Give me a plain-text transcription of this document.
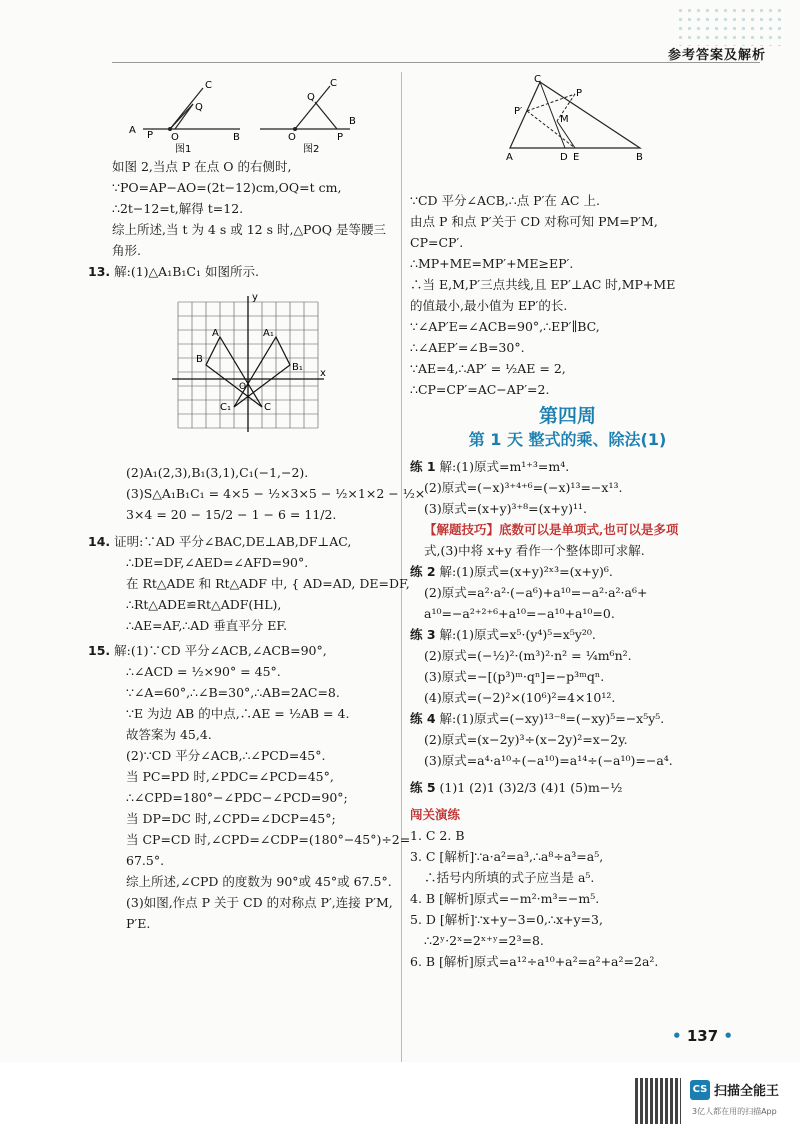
参考答案及解析
A P O	B
C
Q
图1
O	P
B
C
Q
图2
C
P
P′
M
A	D E	B
如图 2,当点 P 在点 O 的右侧时,
∵PO=AP−AO=(2t−12)cm,OQ=t cm,
∴2t−12=t,解得 t=12.
综上所述,当 t 为 4 s 或 12 s 时,△POQ 是等腰三
角形.
13. 解:(1)△A₁B₁C₁ 如图所示.
A
B
C
A₁
B₁
C₁
x
y
O
(2)A₁(2,3),B₁(3,1),C₁(−1,−2).
(3)S△A₁B₁C₁ = 4×5 − ½×3×5 − ½×1×2 − ½×
3×4 = 20 − 15/2 − 1 − 6 = 11/2.
14. 证明:∵AD 平分∠BAC,DE⊥AB,DF⊥AC,
∴DE=DF,∠AED=∠AFD=90°.
在 Rt△ADE 和 Rt△ADF 中, { AD=AD, DE=DF,
∴Rt△ADE≌Rt△ADF(HL),
∴AE=AF,∴AD 垂直平分 EF.
15. 解:(1)∵CD 平分∠ACB,∠ACB=90°,
∴∠ACD = ½×90° = 45°.
∵∠A=60°,∴∠B=30°,∴AB=2AC=8.
∵E 为边 AB 的中点,∴AE = ½AB = 4.
故答案为 45,4.
(2)∵CD 平分∠ACB,∴∠PCD=45°.
当 PC=PD 时,∠PDC=∠PCD=45°,
∴∠CPD=180°−∠PDC−∠PCD=90°;
当 DP=DC 时,∠CPD=∠DCP=45°;
当 CP=CD 时,∠CPD=∠CDP=(180°−45°)÷2=
67.5°.
综上所述,∠CPD 的度数为 90°或 45°或 67.5°.
(3)如图,作点 P 关于 CD 的对称点 P′,连接 P′M,
P′E.
∵CD 平分∠ACB,∴点 P′在 AC 上.
由点 P 和点 P′关于 CD 对称可知 PM=P′M,
CP=CP′.
∴MP+ME=MP′+ME≥EP′.
∴当 E,M,P′三点共线,且 EP′⊥AC 时,MP+ME
的值最小,最小值为 EP′的长.
∵∠AP′E=∠ACB=90°,∴EP′∥BC,
∴∠AEP′=∠B=30°.
∵AE=4,∴AP′ = ½AE = 2,
∴CP=CP′=AC−AP′=2.
第四周
第 1 天 整式的乘、除法(1)
练 1 解:(1)原式=m¹⁺³=m⁴.
(2)原式=(−x)³⁺⁴⁺⁶=(−x)¹³=−x¹³.
(3)原式=(x+y)³⁺⁸=(x+y)¹¹.
【解题技巧】底数可以是单项式,也可以是多项
式,(3)中将 x+y 看作一个整体即可求解.
练 2 解:(1)原式=(x+y)²ˣ³=(x+y)⁶.
(2)原式=a²·a²·(−a⁶)+a¹⁰=−a²·a²·a⁶+
a¹⁰=−a²⁺²⁺⁶+a¹⁰=−a¹⁰+a¹⁰=0.
练 3 解:(1)原式=x⁵·(y⁴)⁵=x⁵y²⁰.
(2)原式=(−½)²·(m³)²·n² = ¼m⁶n².
(3)原式=−[(p³)ᵐ·qⁿ]=−p³ᵐqⁿ.
(4)原式=(−2)²×(10⁶)²=4×10¹².
练 4 解:(1)原式=(−xy)¹³⁻⁸=(−xy)⁵=−x⁵y⁵.
(2)原式=(x−2y)³÷(x−2y)²=x−2y.
(3)原式=a⁴·a¹⁰÷(−a¹⁰)=a¹⁴÷(−a¹⁰)=−a⁴.
练 5 (1)1 (2)1 (3)2/3 (4)1 (5)m−½
闯关演练
1. C 2. B
3. C [解析]∵a·a²=a³,∴a⁸÷a³=a⁵,
∴括号内所填的式子应当是 a⁵.
4. B [解析]原式=−m²·m³=−m⁵.
5. D [解析]∵x+y−3=0,∴x+y=3,
∴2ʸ·2ˣ=2ˣ⁺ʸ=2³=8.
6. B [解析]原式=a¹²÷a¹⁰+a²=a²+a²=2a².
• 137 •
CS 扫描全能王
3亿人都在用的扫描App
